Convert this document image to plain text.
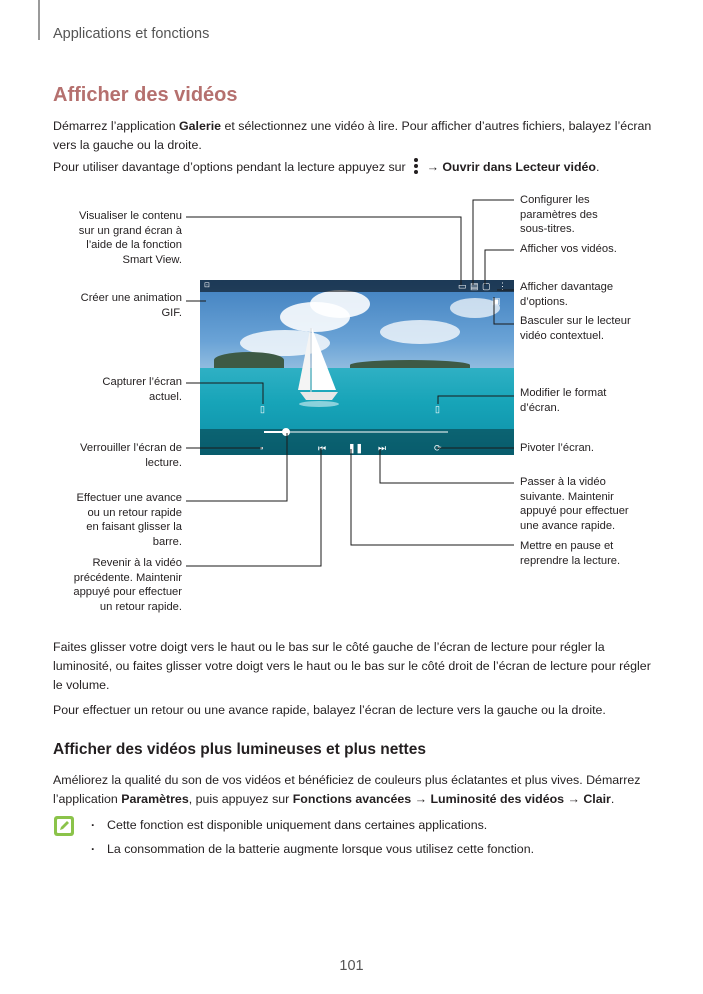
Applications et fonctions
Afficher des vidéos

Démarrez l’application Galerie et sélectionnez une vidéo à lire. Pour afficher d’autres fichiers, balayez l’écran vers la gauche ou la droite.

Pour utiliser davantage d’options pendant la lecture appuyez sur
→ Ouvrir dans Lecteur vidéo.

▭ ▤ ▢ ⋮
▣
⊡
▯	▯
▪	⏮ ❚❚ ⏭	⟳
Visualiser le contenu
sur un grand écran à
l’aide de la fonction
Smart View.
Créer une animation
GIF.
Capturer l’écran
actuel.
Verrouiller l’écran de
lecture.
Effectuer une avance
ou un retour rapide
en faisant glisser la
barre.
Revenir à la vidéo
précédente. Maintenir
appuyé pour effectuer
un retour rapide.
Configurer les
paramètres des
sous-titres.
Afficher vos vidéos.
Afficher davantage
d’options.
Basculer sur le lecteur
vidéo contextuel.
Modifier le format
d’écran.
Pivoter l’écran.
Passer à la vidéo
suivante. Maintenir
appuyé pour effectuer
une avance rapide.
Mettre en pause et
reprendre la lecture.

Faites glisser votre doigt vers le haut ou le bas sur le côté gauche de l’écran de lecture pour régler la luminosité, ou faites glisser votre doigt vers le haut ou le bas sur le côté droit de l’écran de lecture pour régler le volume.

Pour effectuer un retour ou une avance rapide, balayez l’écran de lecture vers la gauche ou la droite.

Afficher des vidéos plus lumineuses et plus nettes

Améliorez la qualité du son de vos vidéos et bénéficiez de couleurs plus éclatantes et plus vives. Démarrez l’application Paramètres, puis appuyez sur Fonctions avancées → Luminosité des vidéos → Clair.

· Cette fonction est disponible uniquement dans certaines applications.
· La consommation de la batterie augmente lorsque vous utilisez cette fonction.
101
